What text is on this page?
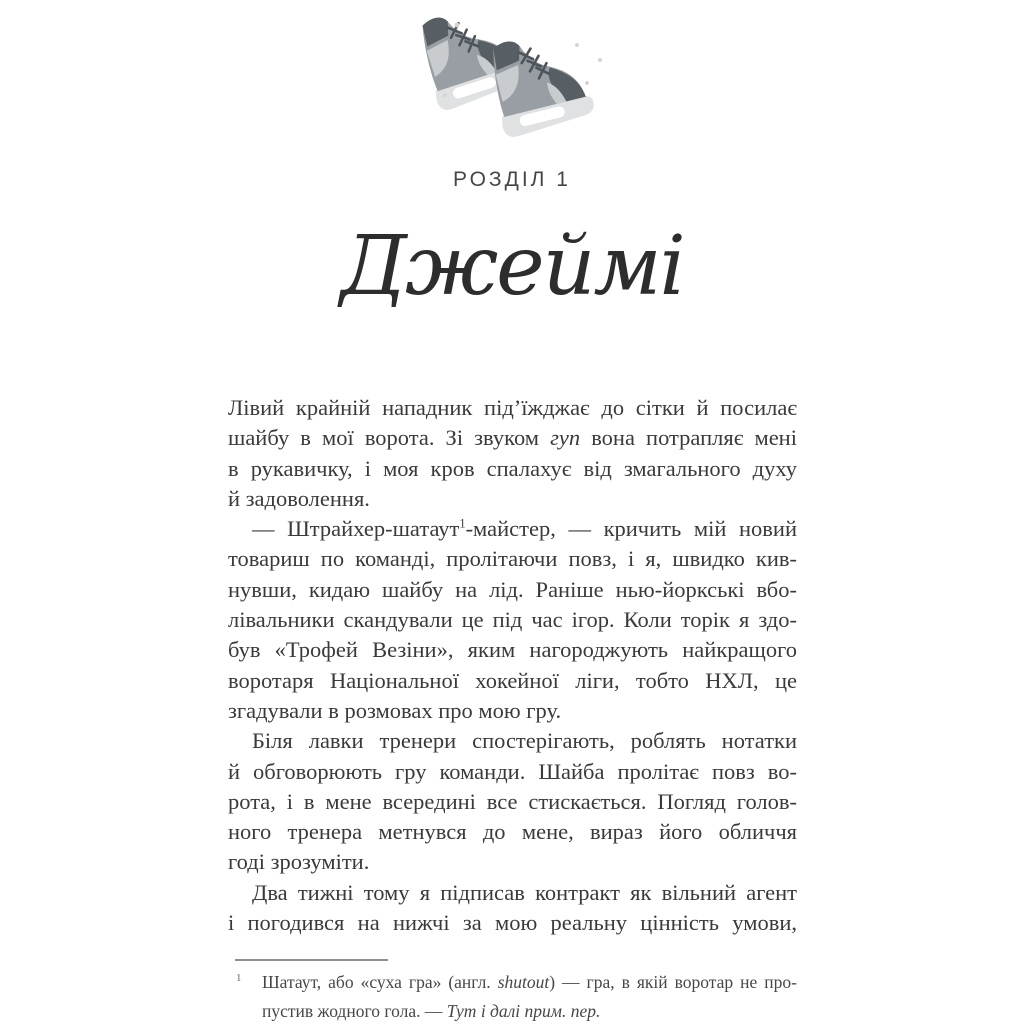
РОЗДІЛ 1
Джеймі
Лівий крайній нападник під’їжджає до сітки й посилає
шайбу в мої ворота. Зі звуком гуп вона потрапляє мені
в рукавичку, і моя кров спалахує від змагального духу
й задоволення.
— Штрайхер-шатаут$^1$-майстер, — кричить мій новий
товариш по команді, пролітаючи повз, і я, швидко кив-
нувши, кидаю шайбу на лід. Раніше нью-йоркські вбо-
лівальники скандували це під час ігор. Коли торік я здо-
був «Трофей Везіни», яким нагороджують найкращого
воротаря Національної хокейної ліги, тобто НХЛ, це
згадували в розмовах про мою гру.
Біля лавки тренери спостерігають, роблять нотатки
й обговорюють гру команди. Шайба пролітає повз во-
рота, і в мене всередині все стискається. Погляд голов-
ного тренера метнувся до мене, вираз його обличчя
годі зрозуміти.
Два тижні тому я підписав контракт як вільний агент
і погодився на нижчі за мою реальну цінність умови,
1 Шатаут, або «суха гра» (англ. shutout) — гра, в якій воротар не про-
пустив жодного гола. — Тут і далі прим. пер.
